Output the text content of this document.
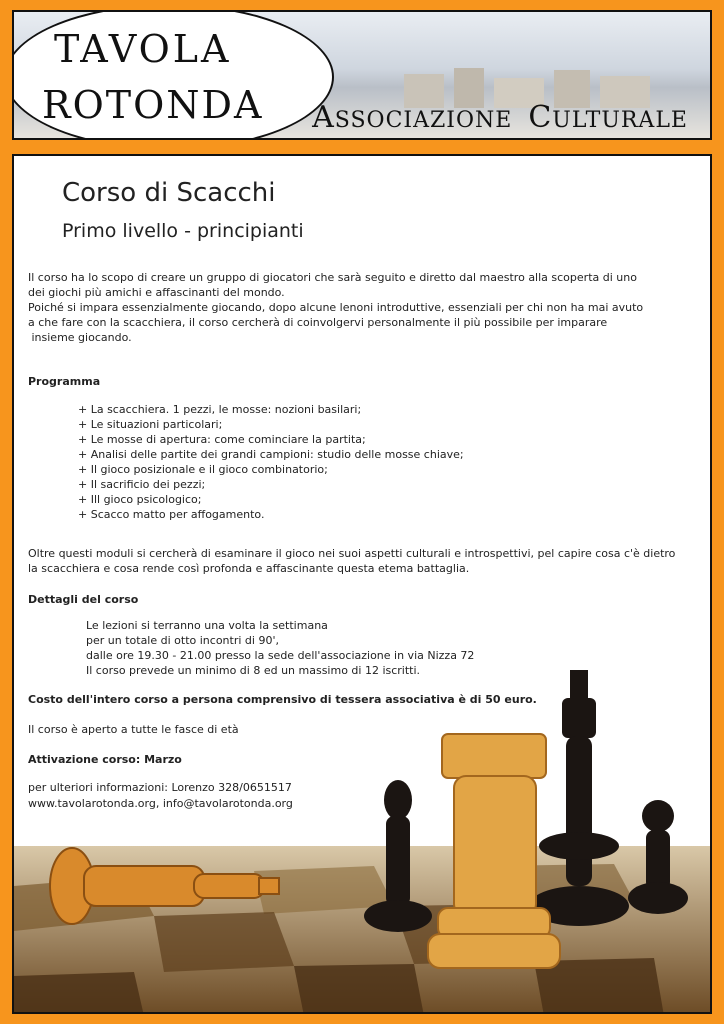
TAVOLA
ROTONDA ASSOCIAZIONE CULTURALE
Corso di Scacchi
Primo livello - principianti
Il corso ha lo scopo di creare un gruppo di giocatori che sarà seguito e diretto dal maestro alla scoperta di uno
dei giochi più amichi e affascinanti del mondo.
Poiché si impara essenzialmente giocando, dopo alcune lenoni introduttive, essenziali per chi non ha mai avuto
a che fare con la scacchiera, il corso cercherà di coinvolgervi personalmente il più possibile per imparare
insieme giocando.
Programma
+ La scacchiera. 1 pezzi, le mosse: nozioni basilari;
+ Le situazioni particolari;
+ Le mosse di apertura: come cominciare la partita;
+ Analisi delle partite dei grandi campioni: studio delle mosse chiave;
+ Il gioco posizionale e il gioco combinatorio;
+ Il sacrificio dei pezzi;
+ Ill gioco psicologico;
+ Scacco matto per affogamento.
Oltre questi moduli si cercherà di esaminare il gioco nei suoi aspetti culturali e introspettivi, pel capire cosa c'è dietro
la scacchiera e cosa rende così profonda e affascinante questa etema battaglia.
Dettagli del corso
Le lezioni si terranno una volta la settimana
per un totale di otto incontri di 90',
dalle ore 19.30 - 21.00 presso la sede dell'associazione in via Nizza 72
Il corso prevede un minimo di 8 ed un massimo di 12 iscritti.
Costo dell'intero corso a persona comprensivo di tessera associativa è di 50 euro.
Il corso è aperto a tutte le fasce di età
Attivazione corso: Marzo
per ulteriori informazioni: Lorenzo 328/0651517
www.tavolarotonda.org, info@tavolarotonda.org
